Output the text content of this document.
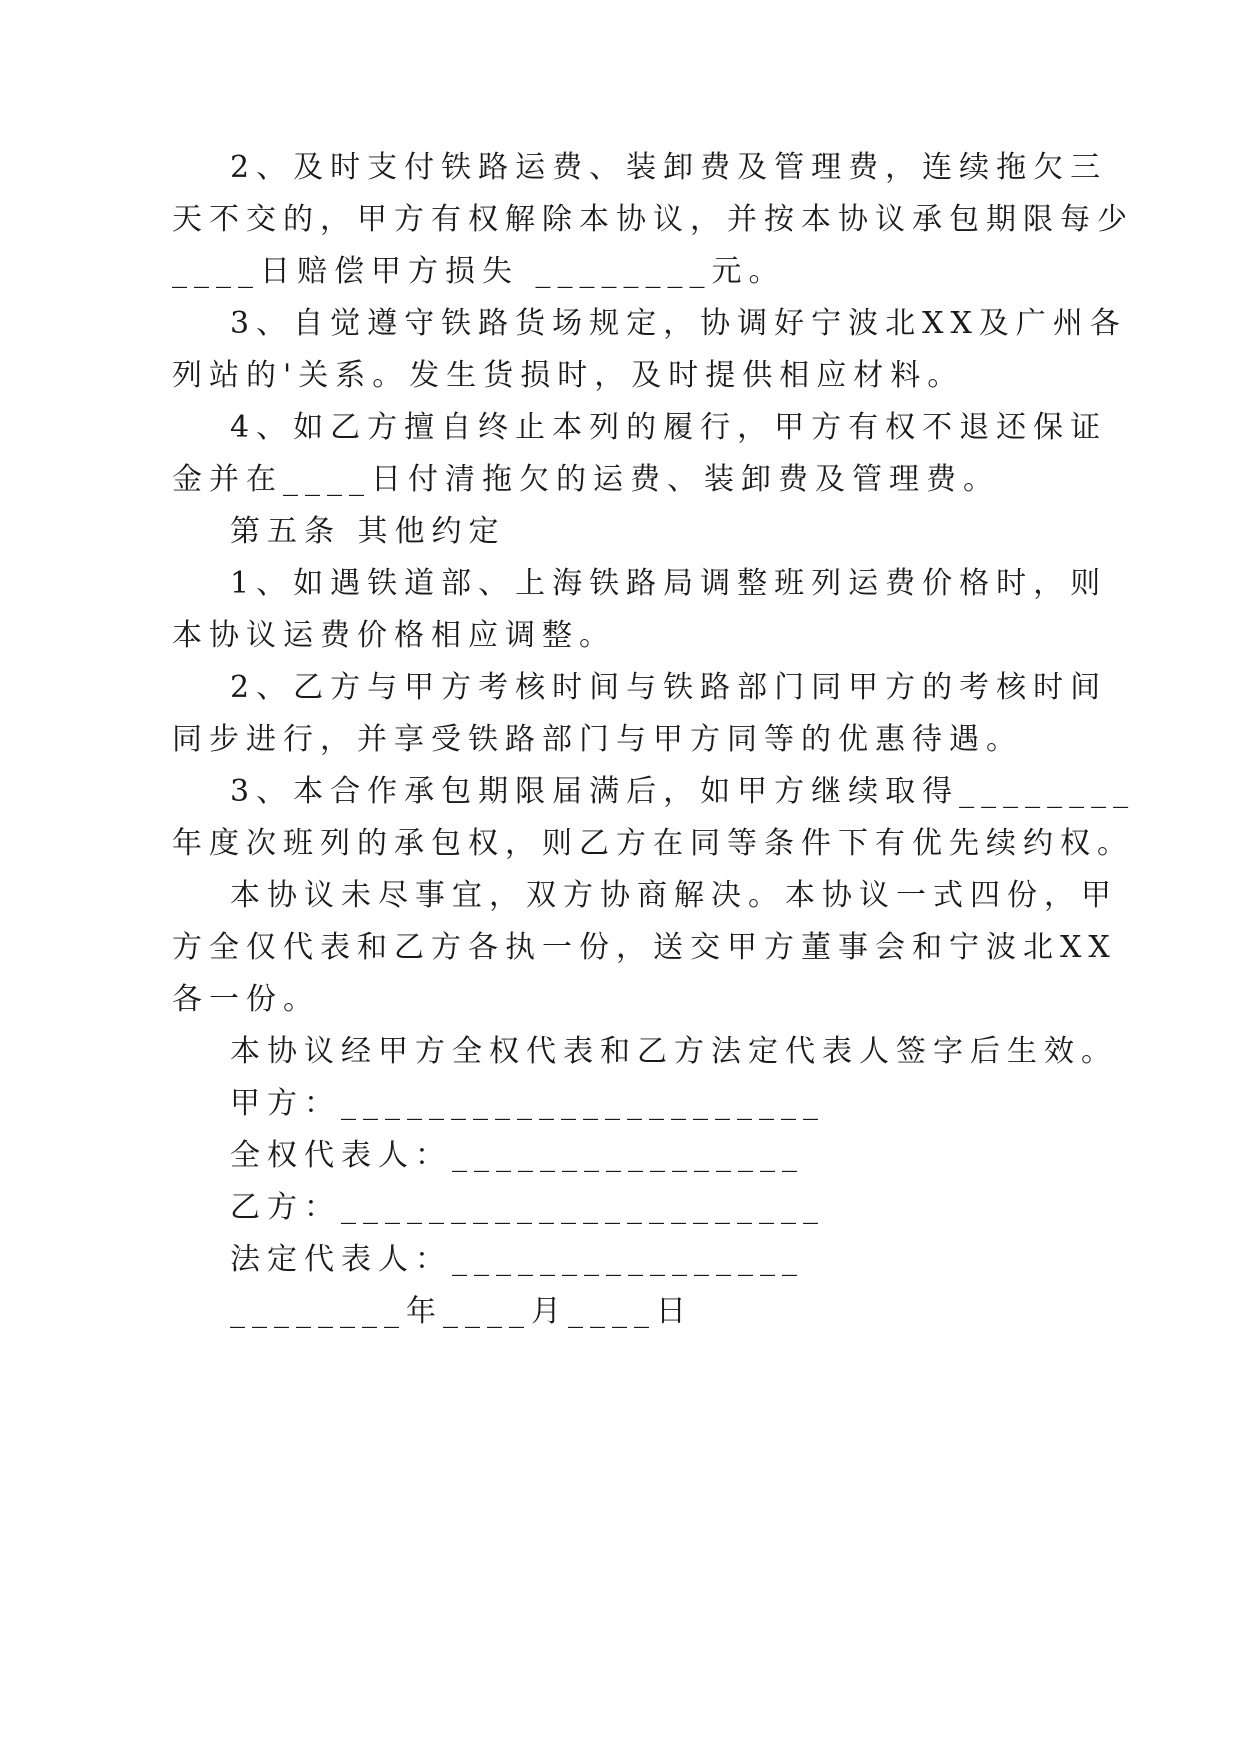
2、及时支付铁路运费、装卸费及管理费，连续拖欠三

天不交的，甲方有权解除本协议，并按本协议承包期限每少

____日赔偿甲方损失 ________元。

3、自觉遵守铁路货场规定，协调好宁波北XX及广州各

列站的'关系。发生货损时，及时提供相应材料。

4、如乙方擅自终止本列的履行，甲方有权不退还保证

金并在____日付清拖欠的运费、装卸费及管理费。

第五条 其他约定

1、如遇铁道部、上海铁路局调整班列运费价格时，则

本协议运费价格相应调整。

2、乙方与甲方考核时间与铁路部门同甲方的考核时间

同步进行，并享受铁路部门与甲方同等的优惠待遇。

3、本合作承包期限届满后，如甲方继续取得________

年度次班列的承包权，则乙方在同等条件下有优先续约权。

本协议未尽事宜，双方协商解决。本协议一式四份，甲

方全仅代表和乙方各执一份，送交甲方董事会和宁波北XX

各一份。

本协议经甲方全权代表和乙方法定代表人签字后生效。

甲方：______________________

全权代表人：________________

乙方：______________________

法定代表人：________________

________年____月____日
